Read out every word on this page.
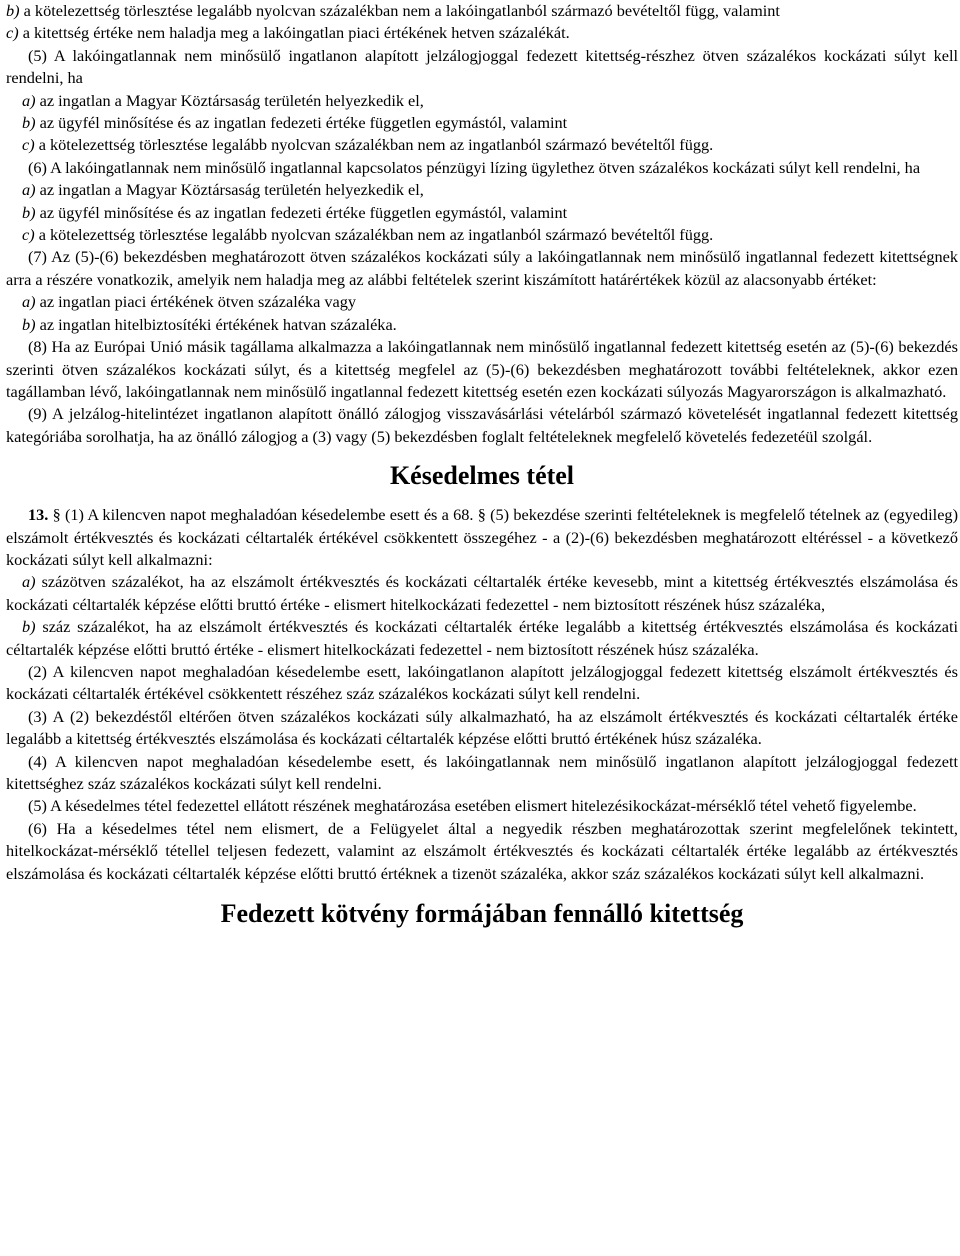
b) a kötelezettség törlesztése legalább nyolcvan százalékban nem a lakóingatlanból származó bevételtől függ, valamint

c) a kitettség értéke nem haladja meg a lakóingatlan piaci értékének hetven százalékát.

(5) A lakóingatlannak nem minősülő ingatlanon alapított jelzálogjoggal fedezett kitettség-részhez ötven százalékos kockázati súlyt kell rendelni, ha

a) az ingatlan a Magyar Köztársaság területén helyezkedik el,

b) az ügyfél minősítése és az ingatlan fedezeti értéke független egymástól, valamint

c) a kötelezettség törlesztése legalább nyolcvan százalékban nem az ingatlanból származó bevételtől függ.

(6) A lakóingatlannak nem minősülő ingatlannal kapcsolatos pénzügyi lízing ügylethez ötven százalékos kockázati súlyt kell rendelni, ha

a) az ingatlan a Magyar Köztársaság területén helyezkedik el,

b) az ügyfél minősítése és az ingatlan fedezeti értéke független egymástól, valamint

c) a kötelezettség törlesztése legalább nyolcvan százalékban nem az ingatlanból származó bevételtől függ.

(7) Az (5)-(6) bekezdésben meghatározott ötven százalékos kockázati súly a lakóingatlannak nem minősülő ingatlannal fedezett kitettségnek arra a részére vonatkozik, amelyik nem haladja meg az alábbi feltételek szerint kiszámított határértékek közül az alacsonyabb értéket:

a) az ingatlan piaci értékének ötven százaléka vagy

b) az ingatlan hitelbiztosítéki értékének hatvan százaléka.

(8) Ha az Európai Unió másik tagállama alkalmazza a lakóingatlannak nem minősülő ingatlannal fedezett kitettség esetén az (5)-(6) bekezdés szerinti ötven százalékos kockázati súlyt, és a kitettség megfelel az (5)-(6) bekezdésben meghatározott további feltételeknek, akkor ezen tagállamban lévő, lakóingatlannak nem minősülő ingatlannal fedezett kitettség esetén ezen kockázati súlyozás Magyarországon is alkalmazható.

(9) A jelzálog-hitelintézet ingatlanon alapított önálló zálogjog visszavásárlási vételárból származó követelését ingatlannal fedezett kitettség kategóriába sorolhatja, ha az önálló zálogjog a (3) vagy (5) bekezdésben foglalt feltételeknek megfelelő követelés fedezetéül szolgál.

Késedelmes tétel

13. § (1) A kilencven napot meghaladóan késedelembe esett és a 68. § (5) bekezdése szerinti feltételeknek is megfelelő tételnek az (egyedileg) elszámolt értékvesztés és kockázati céltartalék értékével csökkentett összegéhez - a (2)-(6) bekezdésben meghatározott eltéréssel - a következő kockázati súlyt kell alkalmazni:

a) százötven százalékot, ha az elszámolt értékvesztés és kockázati céltartalék értéke kevesebb, mint a kitettség értékvesztés elszámolása és kockázati céltartalék képzése előtti bruttó értéke - elismert hitelkockázati fedezettel - nem biztosított részének húsz százaléka,

b) száz százalékot, ha az elszámolt értékvesztés és kockázati céltartalék értéke legalább a kitettség értékvesztés elszámolása és kockázati céltartalék képzése előtti bruttó értéke - elismert hitelkockázati fedezettel - nem biztosított részének húsz százaléka.

(2) A kilencven napot meghaladóan késedelembe esett, lakóingatlanon alapított jelzálogjoggal fedezett kitettség elszámolt értékvesztés és kockázati céltartalék értékével csökkentett részéhez száz százalékos kockázati súlyt kell rendelni.

(3) A (2) bekezdéstől eltérően ötven százalékos kockázati súly alkalmazható, ha az elszámolt értékvesztés és kockázati céltartalék értéke legalább a kitettség értékvesztés elszámolása és kockázati céltartalék képzése előtti bruttó értékének húsz százaléka.

(4) A kilencven napot meghaladóan késedelembe esett, és lakóingatlannak nem minősülő ingatlanon alapított jelzálogjoggal fedezett kitettséghez száz százalékos kockázati súlyt kell rendelni.

(5) A késedelmes tétel fedezettel ellátott részének meghatározása esetében elismert hitelezésikockázat-mérséklő tétel vehető figyelembe.

(6) Ha a késedelmes tétel nem elismert, de a Felügyelet által a negyedik részben meghatározottak szerint megfelelőnek tekintett, hitelkockázat-mérséklő tétellel teljesen fedezett, valamint az elszámolt értékvesztés és kockázati céltartalék értéke legalább az értékvesztés elszámolása és kockázati céltartalék képzése előtti bruttó értéknek a tizenöt százaléka, akkor száz százalékos kockázati súlyt kell alkalmazni.

Fedezett kötvény formájában fennálló kitettség
